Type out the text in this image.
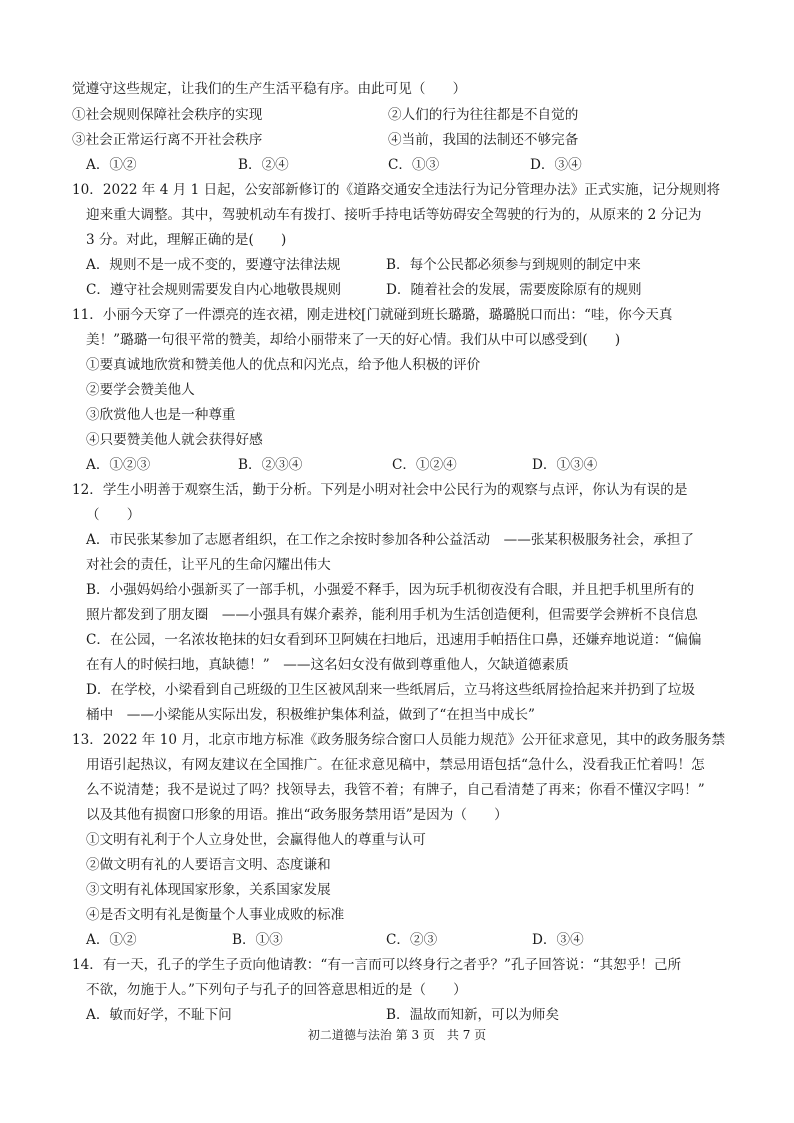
觉遵守这些规定，让我们的生产生活平稳有序。由此可见（　　）
①社会规则保障社会秩序的实现	②人们的行为往往都是不自觉的
③社会正常运行离不开社会秩序	④当前，我国的法制还不够完备
A．①②	B．②④	C．①③	D．③④
10．2022 年 4 月 1 日起，公安部新修订的《道路交通安全违法行为记分管理办法》正式实施，记分规则将
迎来重大调整。其中，驾驶机动车有拨打、接听手持电话等妨碍安全驾驶的行为的，从原来的 2 分记为
3 分。对此，理解正确的是(　　)
A．规则不是一成不变的，要遵守法律法规	B．每个公民都必须参与到规则的制定中来
C．遵守社会规则需要发自内心地敬畏规则	D．随着社会的发展，需要废除原有的规则
11．小丽今天穿了一件漂亮的连衣裙，刚走进校[门就碰到班长璐璐，璐璐脱口而出：“哇，你今天真
美！”璐璐一句很平常的赞美，却给小丽带来了一天的好心情。我们从中可以感受到(　　)
①要真诚地欣赏和赞美他人的优点和闪光点，给予他人积极的评价
②要学会赞美他人
③欣赏他人也是一种尊重
④只要赞美他人就会获得好感
A．①②③	B．②③④	C．①②④	D．①③④
12．学生小明善于观察生活，勤于分析。下列是小明对社会中公民行为的观察与点评，你认为有误的是
（　　）
A．市民张某参加了志愿者组织，在工作之余按时参加各种公益活动　——张某积极服务社会，承担了
对社会的责任，让平凡的生命闪耀出伟大
B．小强妈妈给小强新买了一部手机，小强爱不释手，因为玩手机彻夜没有合眼，并且把手机里所有的
照片都发到了朋友圈　——小强具有媒介素养，能利用手机为生活创造便利，但需要学会辨析不良信息
C．在公园，一名浓妆艳抹的妇女看到环卫阿姨在扫地后，迅速用手帕捂住口鼻，还嫌弃地说道：“偏偏
在有人的时候扫地，真缺德！”　——这名妇女没有做到尊重他人，欠缺道德素质
D．在学校，小梁看到自己班级的卫生区被风刮来一些纸屑后，立马将这些纸屑捡拾起来并扔到了垃圾
桶中　——小梁能从实际出发，积极维护集体利益，做到了“在担当中成长”
13．2022 年 10 月，北京市地方标准《政务服务综合窗口人员能力规范》公开征求意见，其中的政务服务禁
用语引起热议，有网友建议在全国推广。在征求意见稿中，禁忌用语包括“急什么，没看我正忙着吗！怎
么不说清楚；我不是说过了吗？找领导去，我管不着；有牌子，自己看清楚了再来；你看不懂汉字吗！”
以及其他有损窗口形象的用语。推出“政务服务禁用语”是因为（　　）
①文明有礼利于个人立身处世，会赢得他人的尊重与认可
②做文明有礼的人要语言文明、态度谦和
③文明有礼体现国家形象，关系国家发展
④是否文明有礼是衡量个人事业成败的标准
A．①②	B．①③	C．②③	D．③④
14．有一天，孔子的学生子贡向他请教：“有一言而可以终身行之者乎？”孔子回答说：“其恕乎！己所
不欲，勿施于人。”下列句子与孔子的回答意思相近的是（　　）
A．敏而好学，不耻下问	B．温故而知新，可以为师矣
初二道德与法治 第 3 页　共 7 页
